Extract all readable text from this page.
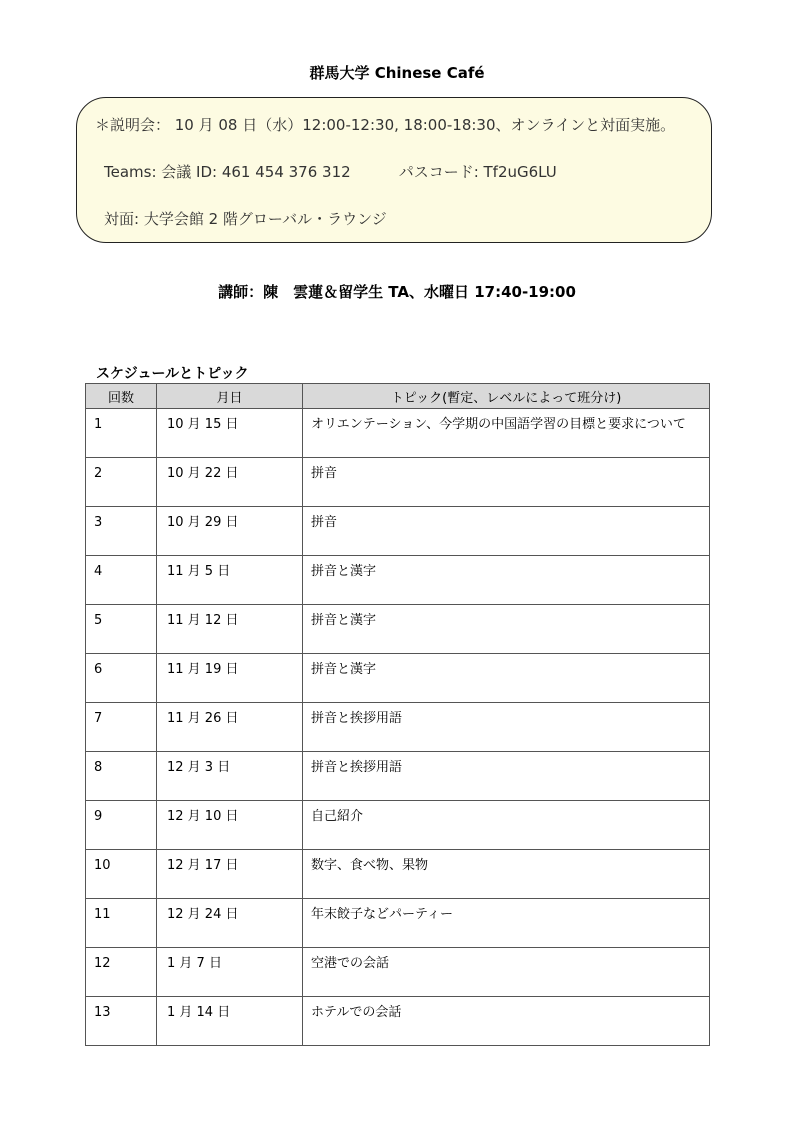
群馬大学 Chinese Café
＊説明会： 10 月 08 日（水）12:00-12:30, 18:00-18:30、オンラインと対面実施。
Teams: 会議 ID: 461 454 376 312	パスコード: Tf2uG6LU
対面: 大学会館 2 階グローバル・ラウンジ
講師：陳　雲蓮＆留学生 TA、水曜日 17:40-19:00
スケジュールとトピック
回数	月日	トピック(暫定、レベルによって班分け)

1	10 月 15 日	オリエンテーション、今学期の中国語学習の目標と要求について

2	10 月 22 日	拼音

3	10 月 29 日	拼音

4	11 月 5 日	拼音と漢字

5	11 月 12 日	拼音と漢字

6	11 月 19 日	拼音と漢字

7	11 月 26 日	拼音と挨拶用語

8	12 月 3 日	拼音と挨拶用語

9	12 月 10 日	自己紹介

10	12 月 17 日	数字、食べ物、果物

11	12 月 24 日	年末餃子などパーティー

12	1 月 7 日	空港での会話

13	1 月 14 日	ホテルでの会話
